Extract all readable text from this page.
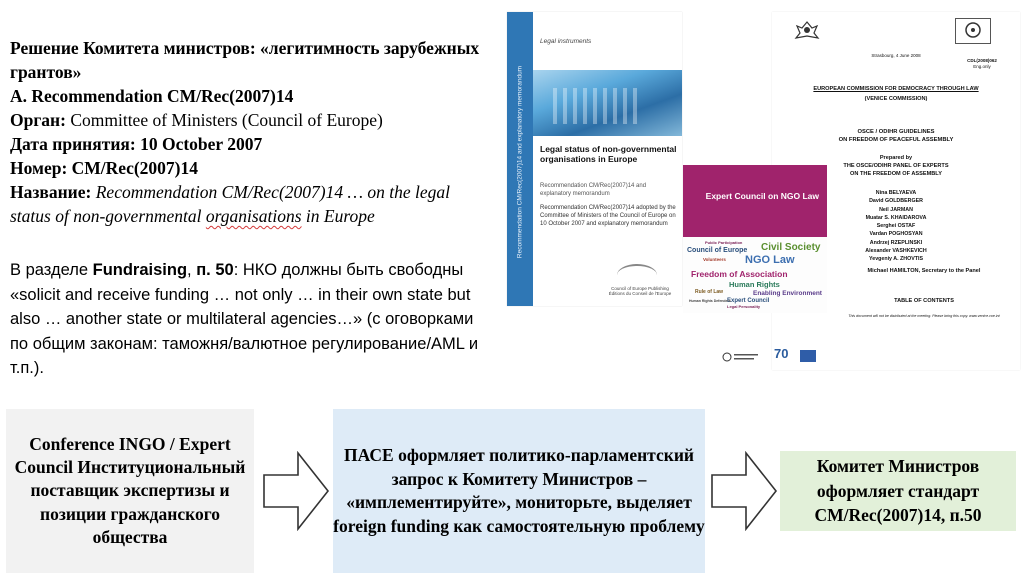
Решение Комитета министров: «легитимность зарубежных грантов»
A. Recommendation CM/Rec(2007)14
Орган: Committee of Ministers (Council of Europe)
Дата принятия: 10 October 2007
Номер: CM/Rec(2007)14
Название: Recommendation CM/Rec(2007)14 … on the legal status of non-governmental organisations in Europe
В разделе Fundraising, п. 50: НКО должны быть свободны «solicit and receive funding … not only … in their own state but also … another state or multilateral agencies…» (с оговорками по общим законам: таможня/валютное регулирование/AML и т.п.).
Recommendation CM/Rec(2007)14 and explanatory memorandum
Legal instruments
Legal status of non-governmental organisations in Europe
Recommendation CM/Rec(2007)14 and explanatory memorandum
Recommendation CM/Rec(2007)14 adopted by the Committee of Ministers of the Council of Europe on 10 October 2007 and explanatory memorandum
Council of Europe Publishing Éditions du Conseil de l'Europe
Strasbourg, 4 June 2008
CDL(2008)062
Eng.only
EUROPEAN COMMISSION FOR DEMOCRACY THROUGH LAW
(VENICE COMMISSION)
OSCE / ODIHR GUIDELINES
ON FREEDOM OF PEACEFUL ASSEMBLY
Prepared by
THE OSCE/ODIHR PANEL OF EXPERTS
ON THE FREEDOM OF ASSEMBLY
Nina BELYAEVA
David GOLDBERGER
Neil JARMAN
Muatar S. KHAIDAROVA
Serghei OSTAF
Vardan POGHOSYAN
Andrzej RZEPLINSKI
Alexander VASHKEVICH
Yevgeniy A. ZHOVTIS
Michael HAMILTON, Secretary to the Panel
TABLE OF CONTENTS
This document will not be distributed at the meeting. Please bring this copy. www.venice.coe.int
70
Expert Council on NGO Law
Public Participation
Council of Europe Civil Society
Volunteers NGO Law
Freedom of Association
Human Rights
Enabling Environment
Rule of Law
Expert Council
Legal Personality
Human Rights Defenders
Conference INGO / Expert Council Институциональный поставщик экспертизы и позиции гражданского общества
ПАСЕ оформляет политико-парламентский запрос к Комитету Министров – «имплементируйте», мониторьте, выделяет foreign funding как самостоятельную проблему
Комитет Министров оформляет стандарт CM/Rec(2007)14, п.50
